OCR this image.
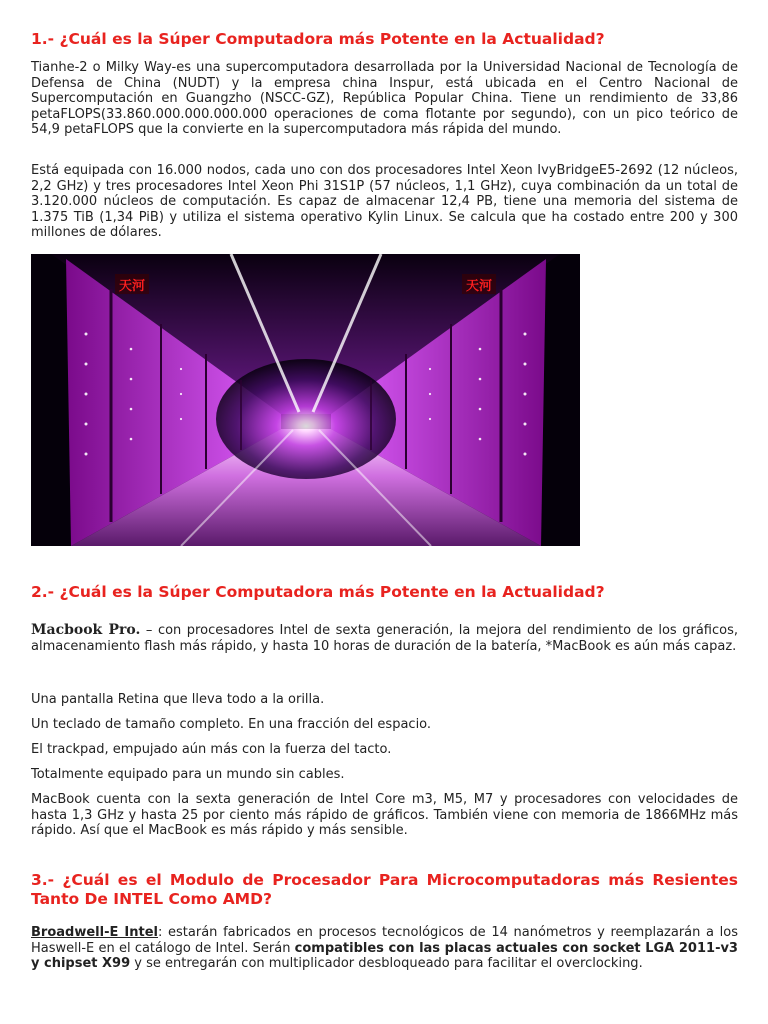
1.- ¿Cuál es la Súper Computadora más Potente en la Actualidad?

Tianhe-2 o Milky Way-es una supercomputadora desarrollada por la Universidad Nacional de Tecnología de Defensa de China (NUDT) y la empresa china Inspur, está ubicada en el Centro Nacional de Supercomputación en Guangzho (NSCC-GZ), República Popular China. Tiene un rendimiento de 33,86 petaFLOPS(33.860.000.000.000.000 operaciones de coma flotante por segundo), con un pico teórico de 54,9 petaFLOPS que la convierte en la supercomputadora más rápida del mundo.

Está equipada con 16.000 nodos, cada uno con dos procesadores Intel Xeon IvyBridgeE5-2692 (12 núcleos, 2,2 GHz) y tres procesadores Intel Xeon Phi 31S1P (57 núcleos, 1,1 GHz), cuya combinación da un total de 3.120.000 núcleos de computación. Es capaz de almacenar 12,4 PB, tiene una memoria del sistema de 1.375 TiB (1,34 PiB) y utiliza el sistema operativo Kylin Linux. Se calcula que ha costado entre 200 y 300 millones de dólares.

天河	天河
2.- ¿Cuál es la Súper Computadora más Potente en la Actualidad?

Macbook Pro. – con procesadores Intel de sexta generación, la mejora del rendimiento de los gráficos, almacenamiento flash más rápido, y hasta 10 horas de duración de la batería, *MacBook es aún más capaz.

Una pantalla Retina que lleva todo a la orilla.

Un teclado de tamaño completo. En una fracción del espacio.

El trackpad, empujado aún más con la fuerza del tacto.

Totalmente equipado para un mundo sin cables.

MacBook cuenta con la sexta generación de Intel Core m3, M5, M7 y procesadores con velocidades de hasta 1,3 GHz y hasta 25 por ciento más rápido de gráficos. También viene con memoria de 1866MHz más rápido. Así que el MacBook es más rápido y más sensible.

3.- ¿Cuál es el Modulo de Procesador Para Microcomputadoras más Resientes Tanto De INTEL Como AMD?

Broadwell-E Intel: estarán fabricados en procesos tecnológicos de 14 nanómetros y reemplazarán a los Haswell-E en el catálogo de Intel. Serán compatibles con las placas actuales con socket LGA 2011-v3 y chipset X99 y se entregarán con multiplicador desbloqueado para facilitar el overclocking.
